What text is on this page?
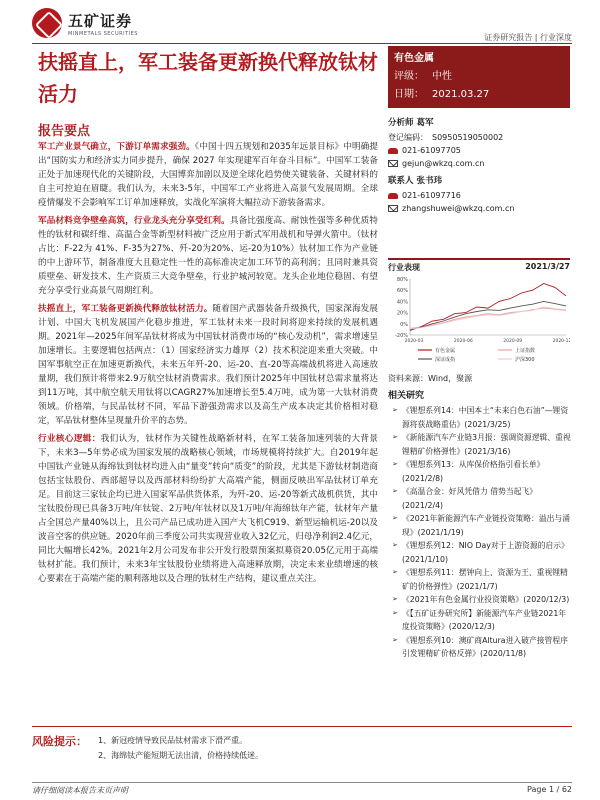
五矿证券
MINMETALS SECURITIES	证券研究报告 | 行业深度
扶摇直上，军工装备更新换代释放钛材活力
有色金属
评级： 中性
日期： 2021.03.27
报告要点

军工产业景气确立，下游订单需求强劲。《中国十四五规划和2035年远景目标》中明确提出“国防实力和经济实力同步提升，确保 2027 年实现建军百年奋斗目标”。中国军工装备正处于加速现代化的关键阶段，大国博弈加剧以及逆全球化趋势使关键装备、关键材料的自主可控迫在眉睫。我们认为，未来3-5年，中国军工产业将进入高景气发展周期。全球疫情爆发不会影响军工订单加速释放，实战化军演将大幅拉动下游装备需求。

军品材料竞争壁垒高筑，行业龙头充分享受红利。具备比强度高、耐蚀性强等多种优质特性的钛材和碳纤维、高温合金等新型材料被广泛应用于新式军用战机和导弹火箭中。（钛材占比：F-22为 41%、F-35为27%、歼-20为20%、运-20为10%）钛材加工作为产业链的中上游环节，制备准度大且稳定性一性的高标准决定加工环节的高利润；且同时兼具资质壁垒、研发技术、生产资质三大竞争壁垒，行业护城河较宽。龙头企业地位稳固、有望充分享受行业高景气周期红利。

扶摇直上，军工装备更新换代释放钛材活力。随着国产武器装备升级换代，国家深海发展计划、中国大飞机发展国产化稳步推进，军工钛材未来一段时间将迎来持续的发展机遇期。2021年—2025年间军品钛材将成为中国钛材消费市场的“核心发动机”，需求增速呈加速增长。主要逻辑包括两点：（1）国家经济实力雄厚（2）技术积淀迎来重大突破。中国军事航空正在加速更新换代，未来五年歼-20、运-20、直-20等高端战机将进入高速放量期，我们预计将带来2.9万航空钛材消费需求。我们预计2025年中国钛材总需求量将达到11万吨，其中航空航天用钛将以CAGR27%加速增长至5.4万吨，成为第一大钛材消费领域。价格端，与民品钛材不同，军品下游强劲需求以及高生产成本决定其价格相对稳定，军品钛材整体呈现量升价平的态势。

行业核心逻辑：我们认为，钛材作为关键性战略新材料，在军工装备加速列装的大背景下，未来3—5年势必成为国家发展的战略核心领域，市场规模将持续扩大。自2019年起中国钛产业链从海绵钛到钛材均进入由“量变”转向“质变”的阶段，尤其是下游钛材制造商包括宝钛股份、西部超导以及西部材料纷纷扩大高端产能，侧面反映出军品钛材订单充足。目前这三家钛企均已进入国家军品供货体系，为歼-20、运-20等新式战机供货，其中宝钛股份现已具备3万吨/年钛锭、2万吨/年钛材以及1万吨/年海绵钛年产能，钛材年产量占全国总产量40%以上，且公司产品已成功进入国产大飞机C919、新型运输机运-20以及波音空客的供应链。2020年前三季度公司共实现营业收入32亿元，归母净利润2.4亿元，同比大幅增长42%。2021年2月公司发布非公开发行股票预案拟募资20.05亿元用于高端钛材扩能。我们预计，未来3年宝钛股份业绩将进入高速释放期，决定未来业绩增速的核心要素在于高端产能的顺利落地以及合理的钛材生产结构，建议重点关注。

分析师 葛军
登记编码： S0950519050002
021-61097705
gejun@wkzq.com.cn
联系人 张书玮
021-61097716
zhangshuwei@wkzq.com.cn
行业表现	2021/3/27
80%
60%
40%
20%
0%
-20%
2020-03	2020-06	2020-09	2020-12
有色金属	上证指数
深证成指	沪深300
资料来源：Wind，聚源
相关研究
➢ 《锂想系列14：中国本土“未来白色石油”—锂资源将获战略重估》(2021/3/25)
➢ 《新能源汽车产业链3月报：强调资源逻辑、重视锂精矿价格弹性》(2021/3/16)
➢ 《锂想系列13：从库保价格指引看长单》(2021/2/8)
➢ 《高温合金：好风凭借力 借势当起飞》(2021/2/4)
➢ 《2021年新能源汽车产业链投资策略：溢出与涌现》(2021/1/19)
➢ 《锂想系列12：NIO Day对于上游资源的启示》(2021/1/10)
➢ 《锂想系列11：摆钟向上、资源为王、重视锂精矿的价格弹性》(2021/1/7)
➢ 《2021年有色金属行业投资策略》(2020/12/3)
➢ 《【五矿证券研究所】新能源汽车产业链2021年度投资策略》(2020/12/3)
➢ 《锂想系列10：澳矿商Altura进入破产接管程序引发锂精矿价格反弹》(2020/11/8)
风险提示：	1、新冠疫情导致民品钛材需求下滑严重。
2、海绵钛产能短期无法出清，价格持续低迷。
请仔细阅读本报告末页声明	Page 1 / 62
